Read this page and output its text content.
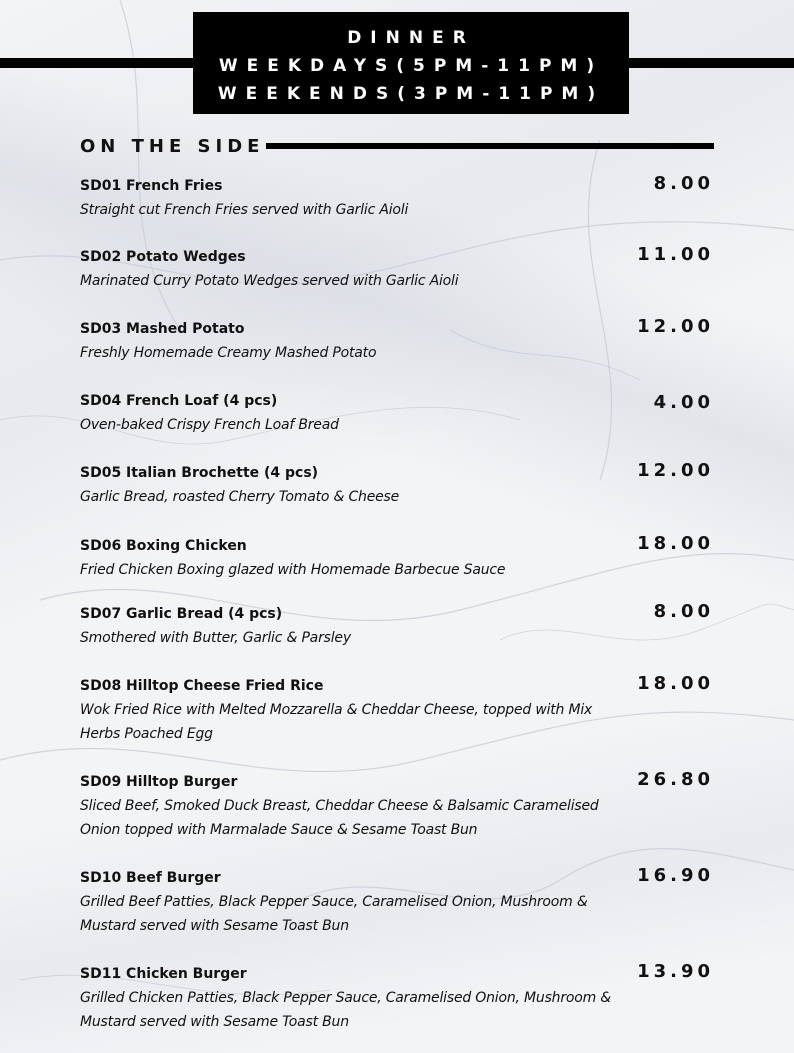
DINNER
WEEKDAYS(5PM-11PM)
WEEKENDS(3PM-11PM)
ON THE SIDE
SD01 French Fries
Straight cut French Fries served with Garlic Aioli
8.00
SD02 Potato Wedges
Marinated Curry Potato Wedges served with Garlic Aioli
11.00
SD03 Mashed Potato
Freshly Homemade Creamy Mashed Potato
12.00
SD04 French Loaf (4 pcs)
Oven-baked Crispy French Loaf Bread
4.00
SD05 Italian Brochette (4 pcs)
Garlic Bread, roasted Cherry Tomato & Cheese
12.00
SD06 Boxing Chicken
Fried Chicken Boxing glazed with Homemade Barbecue Sauce
18.00
SD07 Garlic Bread (4 pcs)
Smothered with Butter, Garlic & Parsley
8.00
SD08 Hilltop Cheese Fried Rice
Wok Fried Rice with Melted Mozzarella & Cheddar Cheese, topped with Mix Herbs Poached Egg
18.00
SD09 Hilltop Burger
Sliced Beef, Smoked Duck Breast, Cheddar Cheese & Balsamic Caramelised Onion topped with Marmalade Sauce & Sesame Toast Bun
26.80
SD10 Beef Burger
Grilled Beef Patties, Black Pepper Sauce, Caramelised Onion, Mushroom & Mustard served with Sesame Toast Bun
16.90
SD11 Chicken Burger
Grilled Chicken Patties, Black Pepper Sauce, Caramelised Onion, Mushroom & Mustard served with Sesame Toast Bun
13.90
